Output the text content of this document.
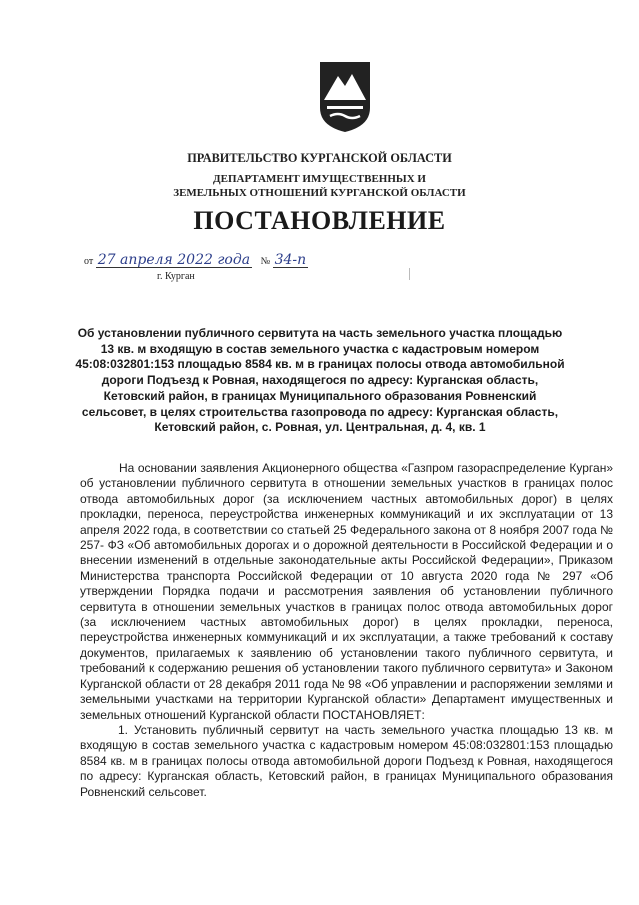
ПРАВИТЕЛЬСТВО КУРГАНСКОЙ ОБЛАСТИ
ДЕПАРТАМЕНТ ИМУЩЕСТВЕННЫХ И
ЗЕМЕЛЬНЫХ ОТНОШЕНИЙ КУРГАНСКОЙ ОБЛАСТИ
ПОСТАНОВЛЕНИЕ
от 27 апреля 2022 года № 34-п
г. Курган
Об установлении публичного сервитута на часть земельного участка площадью 13 кв. м входящую в состав земельного участка с кадастровым номером 45:08:032801:153 площадью 8584 кв. м в границах полосы отвода автомобильной дороги Подъезд к Ровная, находящегося по адресу: Курганская область, Кетовский район, в границах Муниципального образования Ровненский сельсовет, в целях строительства газопровода по адресу: Курганская область, Кетовский район, с. Ровная, ул. Центральная, д. 4, кв. 1

На основании заявления Акционерного общества «Газпром газораспределение Курган» об установлении публичного сервитута в отношении земельных участков в границах полос отвода автомобильных дорог (за исключением частных автомобильных дорог) в целях прокладки, переноса, переустройства инженерных коммуникаций и их эксплуатации от 13 апреля 2022 года, в соответствии со статьей 25 Федерального закона от 8 ноября 2007 года № 257- ФЗ «Об автомобильных дорогах и о дорожной деятельности в Российской Федерации и о внесении изменений в отдельные законодательные акты Российской Федерации», Приказом Министерства транспорта Российской Федерации от 10 августа 2020 года № 297 «Об утверждении Порядка подачи и рассмотрения заявления об установлении публичного сервитута в отношении земельных участков в границах полос отвода автомобильных дорог (за исключением частных автомобильных дорог) в целях прокладки, переноса, переустройства инженерных коммуникаций и их эксплуатации, а также требований к составу документов, прилагаемых к заявлению об установлении такого публичного сервитута, и требований к содержанию решения об установлении такого публичного сервитута» и Законом Курганской области от 28 декабря 2011 года № 98 «Об управлении и распоряжении землями и земельными участками на территории Курганской области» Департамент имущественных и земельных отношений Курганской области ПОСТАНОВЛЯЕТ:

1. Установить публичный сервитут на часть земельного участка площадью 13 кв. м входящую в состав земельного участка с кадастровым номером 45:08:032801:153 площадью 8584 кв. м в границах полосы отвода автомобильной дороги Подъезд к Ровная, находящегося по адресу: Курганская область, Кетовский район, в границах Муниципального образования Ровненский сельсовет.
